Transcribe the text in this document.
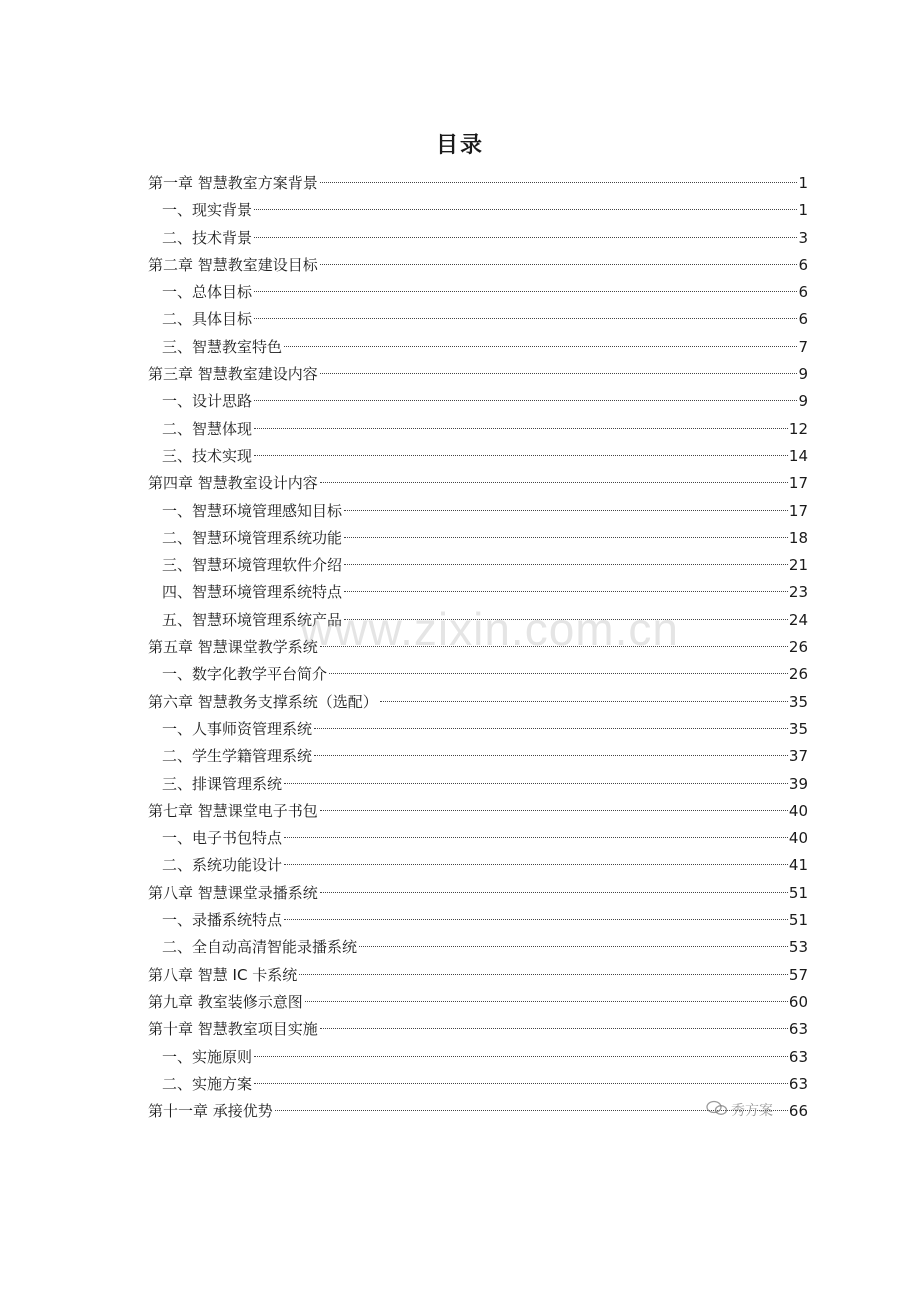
目录
第一章 智慧教室方案背景	1
一、现实背景	1
二、技术背景	3
第二章 智慧教室建设目标	6
一、总体目标	6
二、具体目标	6
三、智慧教室特色	7
第三章 智慧教室建设内容	9
一、设计思路	9
二、智慧体现	12
三、技术实现	14
第四章 智慧教室设计内容	17
一、智慧环境管理感知目标	17
二、智慧环境管理系统功能	18
三、智慧环境管理软件介绍	21
四、智慧环境管理系统特点	23
五、智慧环境管理系统产品	24
第五章 智慧课堂教学系统	26
一、数字化教学平台简介	26
第六章 智慧教务支撑系统（选配）	35
一、人事师资管理系统	35
二、学生学籍管理系统	37
三、排课管理系统	39
第七章 智慧课堂电子书包	40
一、电子书包特点	40
二、系统功能设计	41
第八章 智慧课堂录播系统	51
一、录播系统特点	51
二、全自动高清智能录播系统	53
第八章 智慧 IC 卡系统	57
第九章 教室装修示意图	60
第十章 智慧教室项目实施	63
一、实施原则	63
二、实施方案	63
第十一章 承接优势	66
www.zixin.com.cn
秀方案
